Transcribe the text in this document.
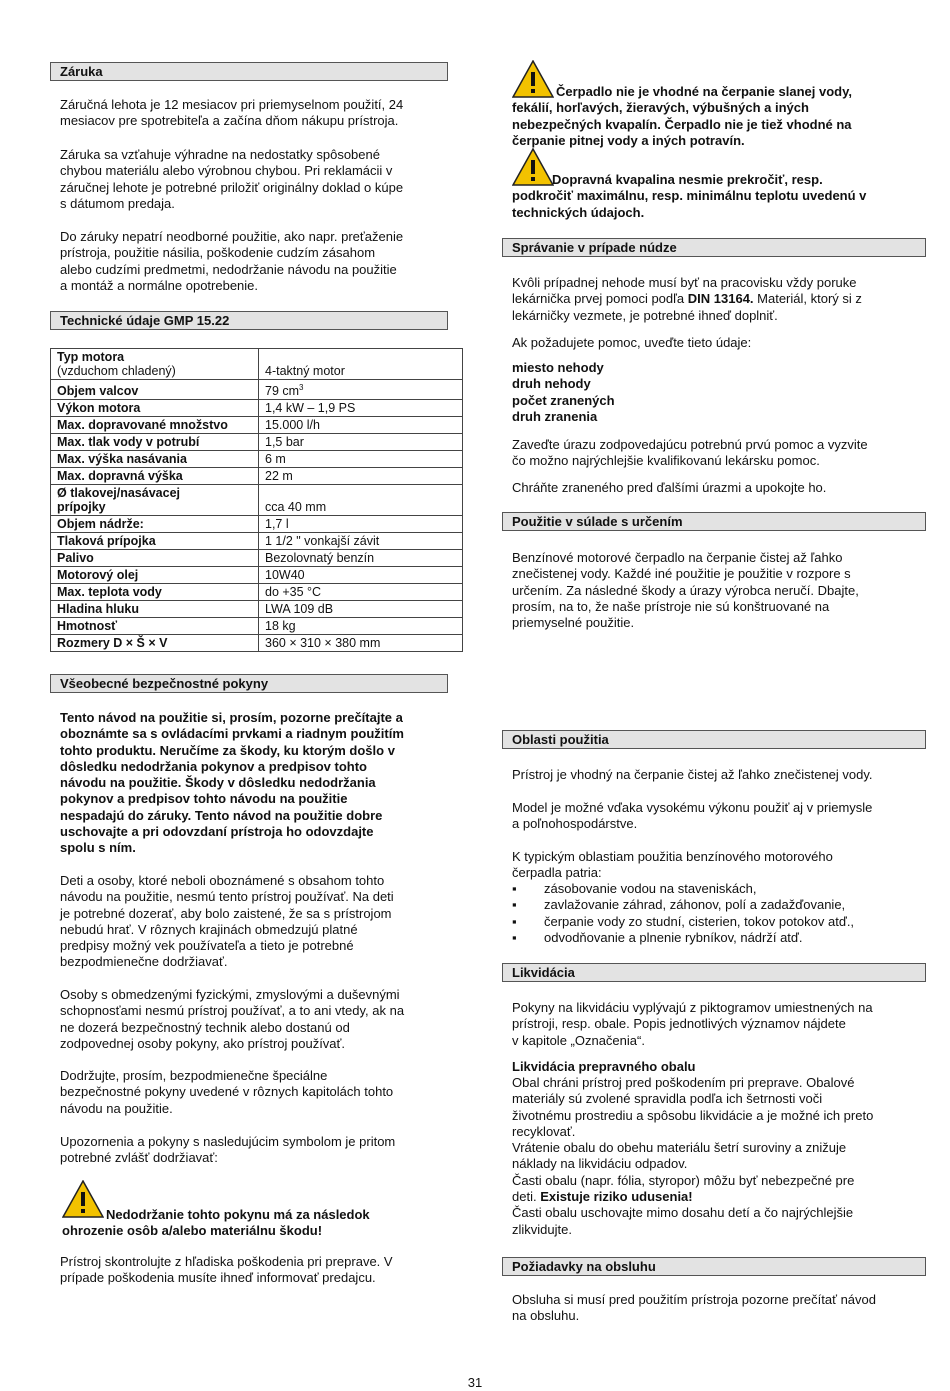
Záruka

Záručná lehota je 12 mesiacov pri priemyselnom použití, 24
mesiacov pre spotrebiteľa a začína dňom nákupu prístroja.

Záruka sa vzťahuje výhradne na nedostatky spôsobené
chybou materiálu alebo výrobnou chybou. Pri reklamácii v
záručnej lehote je potrebné priložiť originálny doklad o kúpe
s dátumom predaja.

Do záruky nepatrí neodborné použitie, ako napr. preťaženie
prístroja, použitie násilia, poškodenie cudzím zásahom
alebo cudzími predmetmi, nedodržanie návodu na použitie
a montáž a normálne opotrebenie.

Technické údaje GMP 15.22
Typ motora
(vzduchom chladený)	4-taktný motor
Objem valcov	79 $cm^3$
Výkon motora	1,4 kW – 1,9 PS
Max. dopravované množstvo	15.000 l/h
Max. tlak vody v potrubí	1,5 bar
Max. výška nasávania	6 m
Max. dopravná výška	22 m
Ø tlakovej/nasávacej
prípojky	cca 40 mm
Objem nádrže:	1,7 l
Tlaková prípojka	1 1/2 " vonkajší závit
Palivo	Bezolovnatý benzín
Motorový olej	10W40
Max. teplota vody	do +35 °C
Hladina hluku	LWA 109 dB
Hmotnosť	18 kg
Rozmery D × Š × V	360 × 310 × 380 mm
Všeobecné bezpečnostné pokyny

Tento návod na použitie si, prosím, pozorne prečítajte a
oboznámte sa s ovládacími prvkami a riadnym použitím
tohto produktu. Neručíme za škody, ku ktorým došlo v
dôsledku nedodržania pokynov a predpisov tohto
návodu na použitie. Škody v dôsledku nedodržania
pokynov a predpisov tohto návodu na použitie
nespadajú do záruky. Tento návod na použitie dobre
uschovajte a pri odovzdaní prístroja ho odovzdajte
spolu s ním.

Deti a osoby, ktoré neboli oboznámené s obsahom tohto
návodu na použitie, nesmú tento prístroj používať. Na deti
je potrebné dozerať, aby bolo zaistené, že sa s prístrojom
nebudú hrať. V rôznych krajinách obmedzujú platné
predpisy možný vek používateľa a tieto je potrebné
bezpodmienečne dodržiavať.

Osoby s obmedzenými fyzickými, zmyslovými a duševnými
schopnosťami nesmú prístroj používať, a to ani vtedy, ak na
ne dozerá bezpečnostný technik alebo dostanú od
zodpovednej osoby pokyny, ako prístroj používať.

Dodržujte, prosím, bezpodmienečne špeciálne
bezpečnostné pokyny uvedené v rôznych kapitolách tohto
návodu na použitie.

Upozornenia a pokyny s nasledujúcim symbolom je pritom
potrebné zvlášť dodržiavať:

Nedodržanie tohto pokynu má za následok
ohrozenie osôb a/alebo materiálnu škodu!

Prístroj skontrolujte z hľadiska poškodenia pri preprave. V
prípade poškodenia musíte ihneď informovať predajcu.

Čerpadlo nie je vhodné na čerpanie slanej vody,
fekálií, horľavých, žieravých, výbušných a iných
nebezpečných kvapalín. Čerpadlo nie je tiež vhodné na
čerpanie pitnej vody a iných potravín.

Dopravná kvapalina nesmie prekročiť, resp.
podkročiť maximálnu, resp. minimálnu teplotu uvedenú v
technických údajoch.

Správanie v prípade núdze

Kvôli prípadnej nehode musí byť na pracovisku vždy poruke
lekárnička prvej pomoci podľa DIN 13164. Materiál, ktorý si z
lekárničky vezmete, je potrebné ihneď doplniť.

Ak požadujete pomoc, uveďte tieto údaje:

miesto nehody
druh nehody
počet zranených
druh zranenia

Zaveďte úrazu zodpovedajúcu potrebnú prvú pomoc a vyzvite
čo možno najrýchlejšie kvalifikovanú lekársku pomoc.

Chráňte zraneného pred ďalšími úrazmi a upokojte ho.

Použitie v súlade s určením

Benzínové motorové čerpadlo na čerpanie čistej až ľahko
znečistenej vody. Každé iné použitie je použitie v rozpore s
určením. Za následné škody a úrazy výrobca neručí. Dbajte,
prosím, na to, že naše prístroje nie sú konštruované na
priemyselné použitie.

Oblasti použitia

Prístroj je vhodný na čerpanie čistej až ľahko znečistenej vody.

Model je možné vďaka vysokému výkonu použiť aj v priemysle
a poľnohospodárstve.

K typickým oblastiam použitia benzínového motorového
čerpadla patria:

▪ zásobovanie vodou na staveniskách,
▪ zavlažovanie záhrad, záhonov, polí a zadažďovanie,
▪ čerpanie vody zo studní, cisterien, tokov potokov atď.,
▪ odvodňovanie a plnenie rybníkov, nádrží atď.
Likvidácia

Pokyny na likvidáciu vyplývajú z piktogramov umiestnených na
prístroji, resp. obale. Popis jednotlivých významov nájdete
v kapitole „Označenia“.

Likvidácia prepravného obalu

Obal chráni prístroj pred poškodením pri preprave. Obalové
materiály sú zvolené spravidla podľa ich šetrnosti voči
životnému prostrediu a spôsobu likvidácie a je možné ich preto
recyklovať.
Vrátenie obalu do obehu materiálu šetrí suroviny a znižuje
náklady na likvidáciu odpadov.
Časti obalu (napr. fólia, styropor) môžu byť nebezpečné pre
deti. Existuje riziko udusenia!
Časti obalu uschovajte mimo dosahu detí a čo najrýchlejšie
zlikvidujte.

Požiadavky na obsluhu

Obsluha si musí pred použitím prístroja pozorne prečítať návod
na obsluhu.

31
